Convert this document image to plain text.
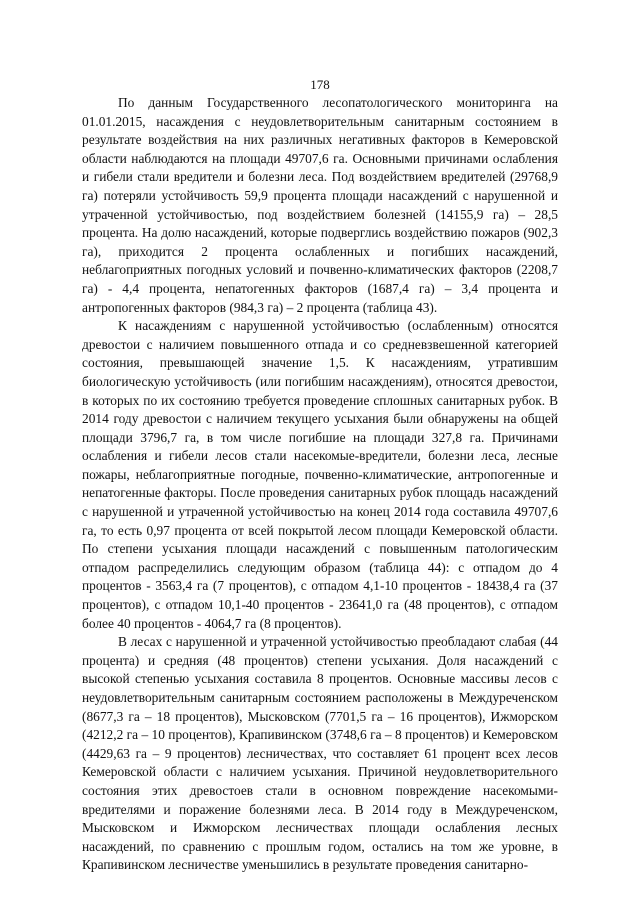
178

По данным Государственного лесопатологического мониторинга на 01.01.2015, насаждения с неудовлетворительным санитарным состоянием в результате воздействия на них различных негативных факторов в Кемеровской области наблюдаются на площади 49707,6 га. Основными причинами ослабления и гибели стали вредители и болезни леса. Под воздействием вредителей (29768,9 га) потеряли устойчивость 59,9 процента площади насаждений с нарушенной и утраченной устойчивостью, под воздействием болезней (14155,9 га) – 28,5 процента. На долю насаждений, которые подверглись воздействию пожаров (902,3 га), приходится 2 процента ослабленных и погибших насаждений, неблагоприятных погодных условий и почвенно-климатических факторов (2208,7 га) - 4,4 процента, непатогенных факторов (1687,4 га) – 3,4 процента и антропогенных факторов (984,3 га) – 2 процента (таблица 43).

К насаждениям с нарушенной устойчивостью (ослабленным) относятся древостои с наличием повышенного отпада и со средневзвешенной категорией состояния, превышающей значение 1,5. К насаждениям, утратившим биологическую устойчивость (или погибшим насаждениям), относятся древостои, в которых по их состоянию требуется проведение сплошных санитарных рубок. В 2014 году древостои с наличием текущего усыхания были обнаружены на общей площади 3796,7 га, в том числе погибшие на площади 327,8 га. Причинами ослабления и гибели лесов стали насекомые-вредители, болезни леса, лесные пожары, неблагоприятные погодные, почвенно-климатические, антропогенные и непатогенные факторы. После проведения санитарных рубок площадь насаждений с нарушенной и утраченной устойчивостью на конец 2014 года составила 49707,6 га, то есть 0,97 процента от всей покрытой лесом площади Кемеровской области. По степени усыхания площади насаждений с повышенным патологическим отпадом распределились следующим образом (таблица 44): с отпадом до 4 процентов - 3563,4 га (7 процентов), с отпадом 4,1-10 процентов - 18438,4 га (37 процентов), с отпадом 10,1-40 процентов - 23641,0 га (48 процентов), с отпадом более 40 процентов - 4064,7 га (8 процентов).

В лесах с нарушенной и утраченной устойчивостью преобладают слабая (44 процента) и средняя (48 процентов) степени усыхания. Доля насаждений с высокой степенью усыхания составила 8 процентов. Основные массивы лесов с неудовлетворительным санитарным состоянием расположены в Междуреченском (8677,3 га – 18 процентов), Мысковском (7701,5 га – 16 процентов), Ижморском (4212,2 га – 10 процентов), Крапивинском (3748,6 га – 8 процентов) и Кемеровском (4429,63 га – 9 процентов) лесничествах, что составляет 61 процент всех лесов Кемеровской области с наличием усыхания. Причиной неудовлетворительного состояния этих древостоев стали в основном повреждение насекомыми-вредителями и поражение болезнями леса. В 2014 году в Междуреченском, Мысковском и Ижморском лесничествах площади ослабления лесных насаждений, по сравнению с прошлым годом, остались на том же уровне, в Крапивинском лесничестве уменьшились в результате проведения санитарно-
